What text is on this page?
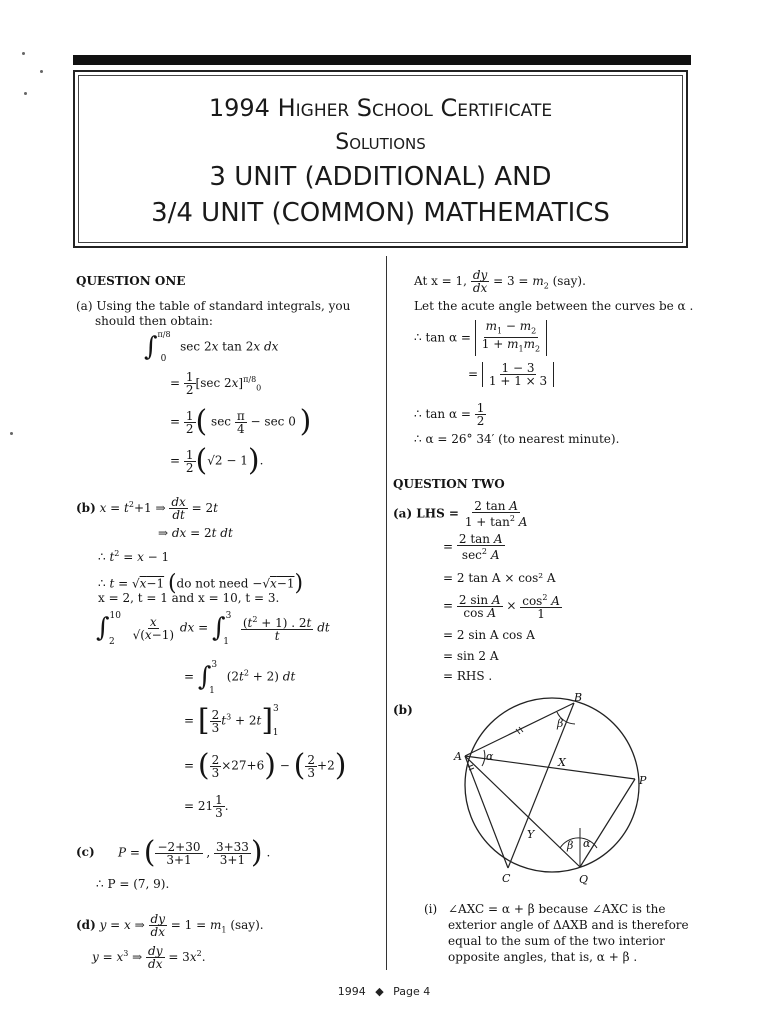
1994 Higher School Certificate
Solutions
3 UNIT (ADDITIONAL) AND
3/4 UNIT (COMMON) MATHEMATICS
QUESTION ONE
(a) Using the table of standard integrals, you
should then obtain:
∫$^{\pi/8}_0$ sec 2x tan 2x dx
= $\frac{1}{2} [\sec$ 2x]$^{\pi/8}_0$
= $\frac{1}{2}$ ( $\sec \frac{\pi}{4} - \sec 0$ )
= $\frac{1}{2} (√2 - 1)$.
(b) $x = t^2+1$ ⇒ $\frac{dx}{dt} = 2t$
⇒ dx = 2t dt
∴ $t^2 = x - 1$
∴ t = √x−1 (do not need −√x−1)
x = 2, t = 1 and x = 10, t = 3.
∫$^{10}_2$
$\frac{x}{√(x-1)}$ dx = $\int^3_1 \frac{(t^2 + 1) . 2t}{t}$ dt
= ∫$^3_1$ $(2t^2 + 2)$ dt
= [ $\frac{2}{3} t^3 + 2t]^3_1$
= ( $\frac{2}{3} \times 27+6$) − ( $\frac{2}{3} +2$)
= $21 \frac{1}{3}$ .
(c) P = ( $\frac{-2+30}{3+1}$ , $\frac{3+33}{3+1}$ ) .
∴ P = (7, 9).
(d) y = x ⇒ $\frac{dy}{dx} = 1 = m_1$ (say).
$y = x^3$ ⇒ $\frac{dy}{dx} = 3x^2$.
At x = 1, $\frac{dy}{dx} = 3 = m_2$ (say).
Let the acute angle between the curves be α .
∴ $\tan \alpha = \frac{m_1 - m_2}{1 + m_1m_2}$
= $\frac{1 - 3}{1 + 1 \times 3}$
∴ $\tan \alpha = \frac{1}{2}$
∴ α = 26° 34′ (to nearest minute).
QUESTION TWO
(a) LHS = $\frac{\text{2 tan A}}{1 + \tan^2 A}$
= $\frac{\text{2 tan A}}{\sec^2 A}$
= 2 tan A × cos² A
= $\frac{\text{2 sin A}}{\text{cos A}} \times \frac{\cos^2 A}{1}$
= 2 sin A cos A
= sin 2 A
= RHS .
(b)
A
B
C
P
Q
X
Y
α
β
β α
(i) ∠AXC = α + β because ∠AXC is the
exterior angle of ΔAXB and is therefore
equal to the sum of the two interior
opposite angles, that is, α + β .
1994 ◆ Page 4
